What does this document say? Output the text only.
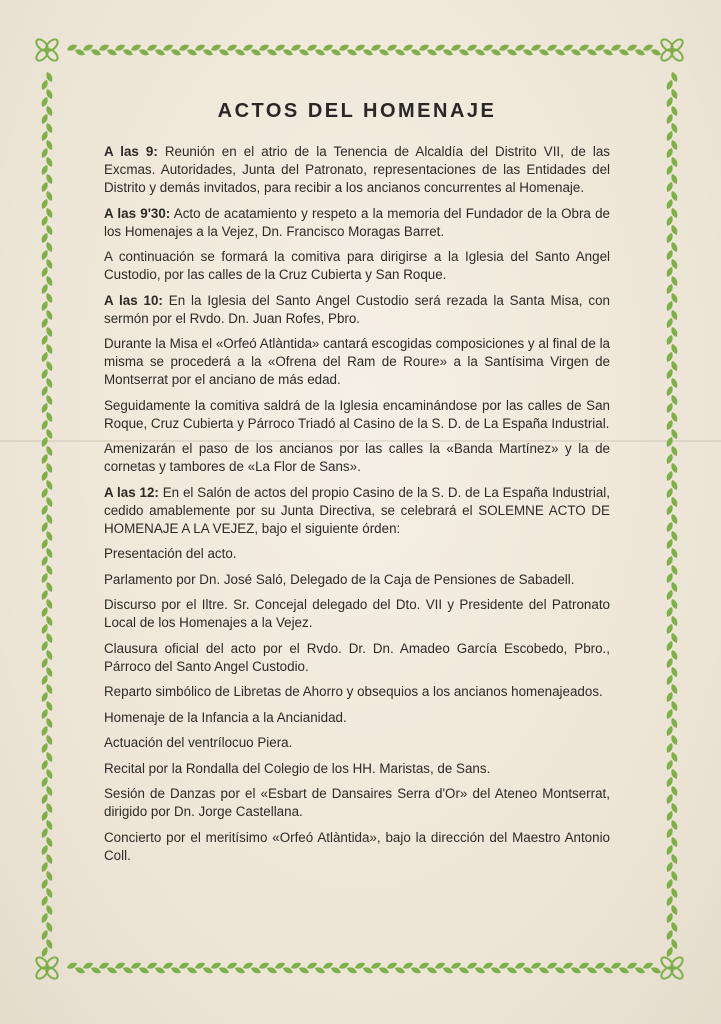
ACTOS DEL HOMENAJE

A las 9: Reunión en el atrio de la Tenencia de Alcaldía del Distrito VII, de las Excmas. Autoridades, Junta del Patronato, representaciones de las Entidades del Distrito y demás invitados, para recibir a los ancianos concurrentes al Homenaje.

A las 9'30: Acto de acatamiento y respeto a la memoria del Fundador de la Obra de los Homenajes a la Vejez, Dn. Francisco Moragas Barret.

A continuación se formará la comitiva para dirigirse a la Iglesia del Santo Angel Custodio, por las calles de la Cruz Cubierta y San Roque.

A las 10: En la Iglesia del Santo Angel Custodio será rezada la Santa Misa, con sermón por el Rvdo. Dn. Juan Rofes, Pbro.

Durante la Misa el «Orfeó Atlàntida» cantará escogidas composiciones y al final de la misma se procederá a la «Ofrena del Ram de Roure» a la Santísima Virgen de Montserrat por el anciano de más edad.

Seguidamente la comitiva saldrá de la Iglesia encaminándose por las calles de San Roque, Cruz Cubierta y Párroco Triadó al Casino de la S. D. de La España Industrial.

Amenizarán el paso de los ancianos por las calles la «Banda Martínez» y la de cornetas y tambores de «La Flor de Sans».

A las 12: En el Salón de actos del propio Casino de la S. D. de La España Industrial, cedido amablemente por su Junta Directiva, se celebrará el SOLEMNE ACTO DE HOMENAJE A LA VEJEZ, bajo el siguiente órden:

Presentación del acto.

Parlamento por Dn. José Saló, Delegado de la Caja de Pensiones de Sabadell.

Discurso por el Iltre. Sr. Concejal delegado del Dto. VII y Presidente del Patronato Local de los Homenajes a la Vejez.

Clausura oficial del acto por el Rvdo. Dr. Dn. Amadeo García Escobedo, Pbro., Párroco del Santo Angel Custodio.

Reparto simbólico de Libretas de Ahorro y obsequios a los ancianos homenajeados.

Homenaje de la Infancia a la Ancianidad.

Actuación del ventrílocuo Piera.

Recital por la Rondalla del Colegio de los HH. Maristas, de Sans.

Sesión de Danzas por el «Esbart de Dansaires Serra d'Or» del Ateneo Montserrat, dirigido por Dn. Jorge Castellana.

Concierto por el meritísimo «Orfeó Atlàntida», bajo la dirección del Maestro Antonio Coll.
